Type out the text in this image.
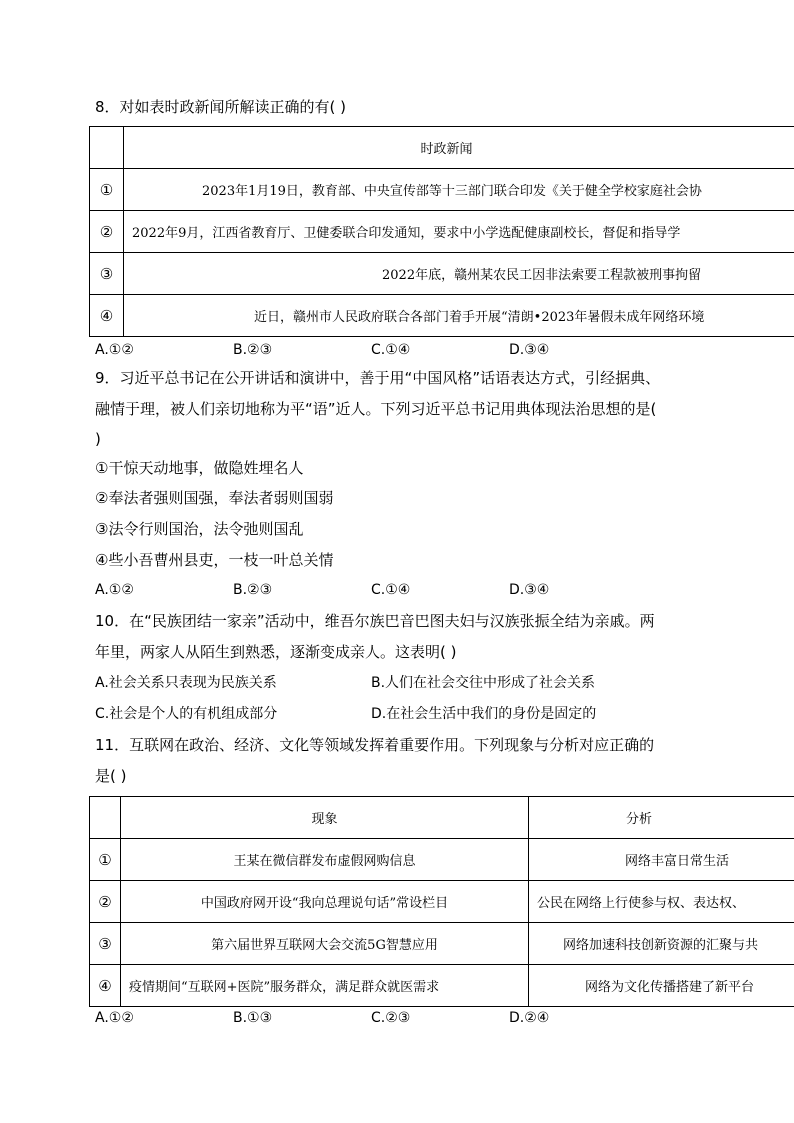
8．对如表时政新闻所解读正确的有( )
	时政新闻
①	2023年1月19日，教育部、中央宣传部等十三部门联合印发《关于健全学校家庭社会协
②	2022年9月，江西省教育厅、卫健委联合印发通知，要求中小学选配健康副校长，督促和指导学
③	2022年底，赣州某农民工因非法索要工程款被刑事拘留
④	近日，赣州市人民政府联合各部门着手开展“清朗•2023年暑假未成年网络环境
A.①②	B.②③	C.①④	D.③④
9．习近平总书记在公开讲话和演讲中，善于用“中国风格”话语表达方式，引经据典、
融情于理，被人们亲切地称为平“语”近人。下列习近平总书记用典体现法治思想的是(
)
①干惊天动地事，做隐姓埋名人
②奉法者强则国强，奉法者弱则国弱
③法令行则国治，法令弛则国乱
④些小吾曹州县吏，一枝一叶总关情
A.①②	B.②③	C.①④	D.③④
10．在“民族团结一家亲”活动中，维吾尔族巴音巴图夫妇与汉族张振全结为亲戚。两
年里，两家人从陌生到熟悉，逐渐变成亲人。这表明( )
A.社会关系只表现为民族关系	B.人们在社会交往中形成了社会关系
C.社会是个人的有机组成部分	D.在社会生活中我们的身份是固定的
11．互联网在政治、经济、文化等领域发挥着重要作用。下列现象与分析对应正确的
是( )
	现象	分析
①	王某在微信群发布虚假网购信息	网络丰富日常生活
②	中国政府网开设“我向总理说句话”常设栏目	公民在网络上行使参与权、表达权、
③	第六届世界互联网大会交流5G智慧应用	网络加速科技创新资源的汇聚与共
④	疫情期间“互联网+医院”服务群众，满足群众就医需求	网络为文化传播搭建了新平台
A.①②	B.①③	C.②③	D.②④
